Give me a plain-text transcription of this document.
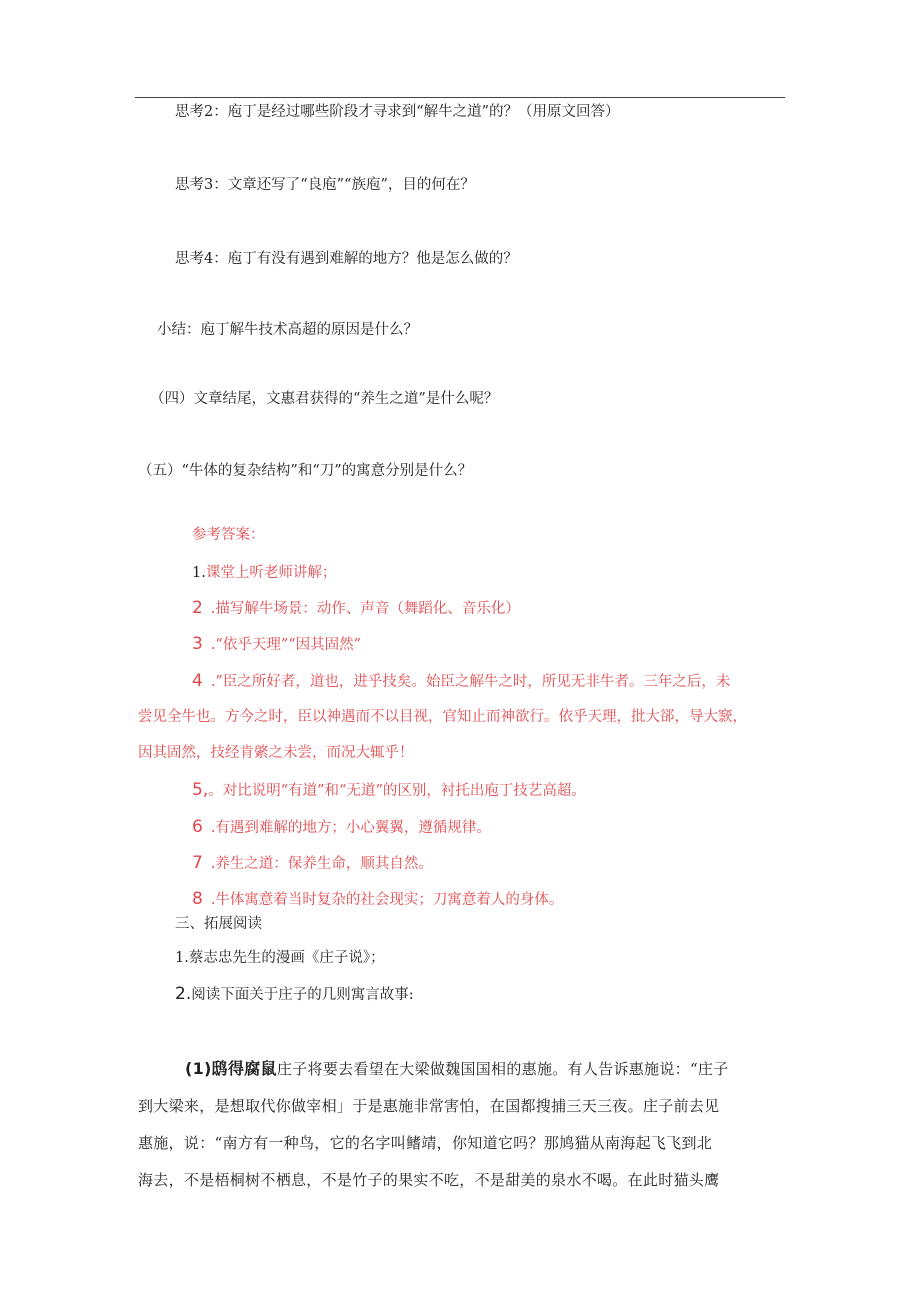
思考2：庖丁是经过哪些阶段才寻求到“解牛之道”的？（用原文回答）
思考3：文章还写了“良庖”“族庖”，目的何在？
思考4：庖丁有没有遇到难解的地方？他是怎么做的？
小结：庖丁解牛技术高超的原因是什么？
（四）文章结尾，文惠君获得的“养生之道”是什么呢？
（五）“牛体的复杂结构”和“刀”的寓意分别是什么？
参考答案：
1.课堂上听老师讲解；
2 .描写解牛场景：动作、声音（舞蹈化、音乐化）
3 .“依乎天理”“因其固然”
4 .”臣之所好者，道也，进乎技矣。始臣之解牛之时，所见无非牛者。三年之后，未
尝见全牛也。方今之时，臣以神遇而不以目视，官知止而神欲行。依乎天理，批大郤，导大窾，
因其固然，技经肯綮之未尝，而况大辄乎！
5,。对比说明“有道”和“无道”的区别，衬托出庖丁技艺高超。
6 .有遇到难解的地方；小心翼翼，遵循规律。
7 .养生之道：保养生命，顺其自然。
8 .牛体寓意着当时复杂的社会现实；刀寓意着人的身体。
三、拓展阅读
1.蔡志忠先生的漫画《庄子说》；
2.阅读下面关于庄子的几则寓言故事:
(1)鸱得腐鼠庄子将要去看望在大梁做魏国国相的惠施。有人告诉惠施说：“庄子
到大梁来，是想取代你做宰相」于是惠施非常害怕，在国都搜捕三天三夜。庄子前去见
惠施，说：“南方有一种鸟，它的名字叫鳍靖，你知道它吗？那鸠猫从南海起飞飞到北
海去，不是梧桐树不栖息，不是竹子的果实不吃，不是甜美的泉水不喝。在此时猫头鹰
